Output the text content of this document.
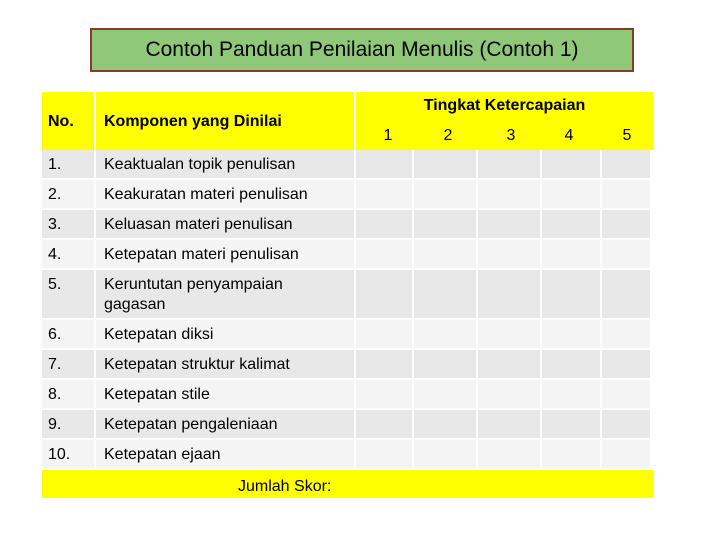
Contoh Panduan Penilaian Menulis (Contoh 1)
No. Komponen yang Dinilai
Tingkat Ketercapaian
1	2	3	4	5
1.	Keaktualan topik penulisan
2.	Keakuratan materi penulisan
3.	Keluasan materi penulisan
4.	Ketepatan materi penulisan
5.	Keruntutan penyampaian gagasan
6.	Ketepatan diksi
7.	Ketepatan struktur kalimat
8.	Ketepatan stile
9.	Ketepatan pengaleniaan
10. Ketepatan ejaan
Jumlah Skor:
